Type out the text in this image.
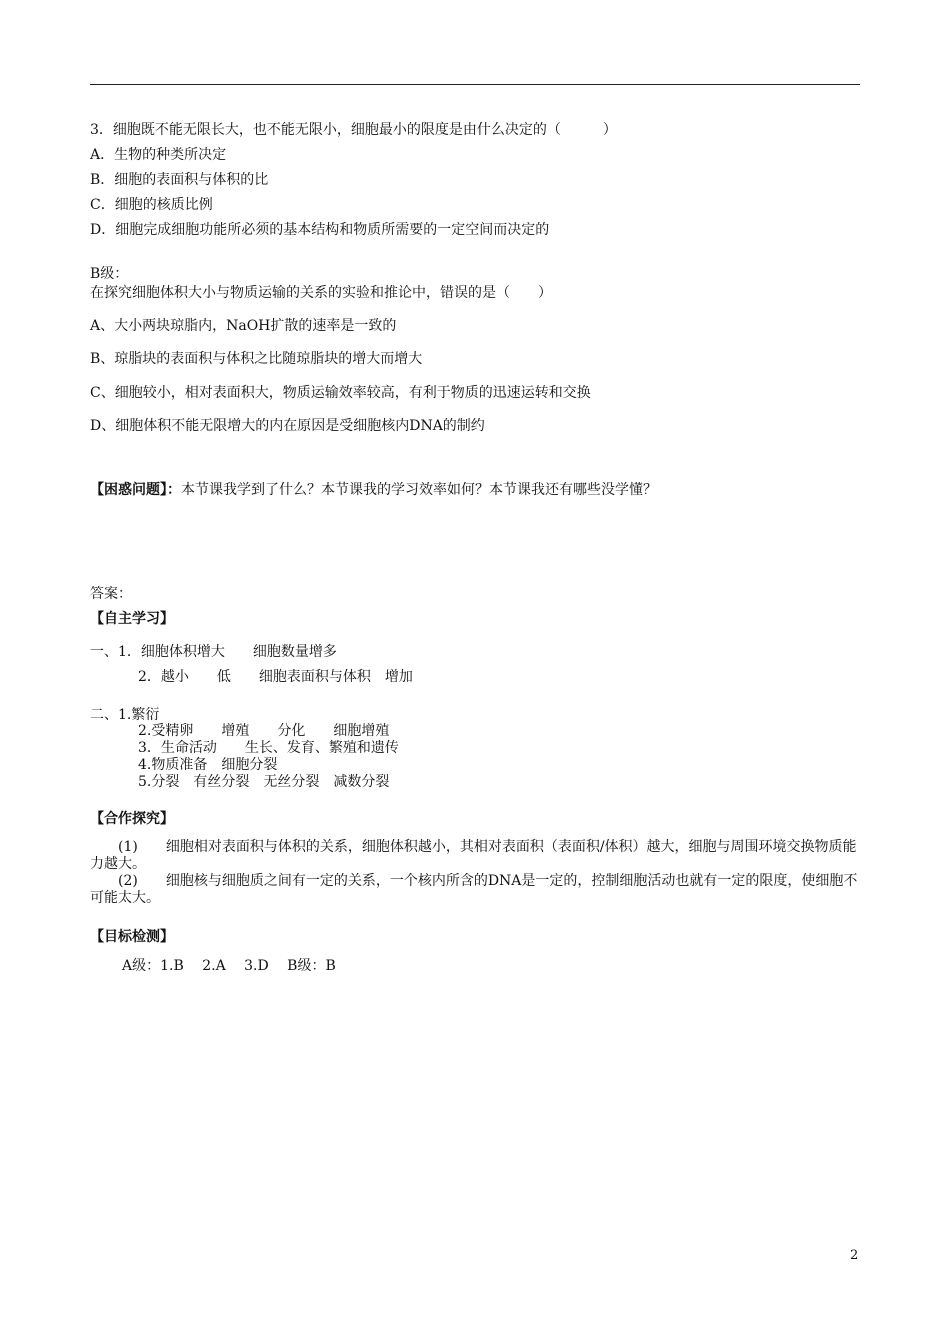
3．细胞既不能无限长大，也不能无限小，细胞最小的限度是由什么决定的（　　　）
A．生物的种类所决定
B．细胞的表面积与体积的比
C．细胞的核质比例
D．细胞完成细胞功能所必须的基本结构和物质所需要的一定空间而决定的
B级：
在探究细胞体积大小与物质运输的关系的实验和推论中，错误的是（　　）
A、大小两块琼脂内，NaOH扩散的速率是一致的
B、琼脂块的表面积与体积之比随琼脂块的增大而增大
C、细胞较小，相对表面积大，物质运输效率较高，有利于物质的迅速运转和交换
D、细胞体积不能无限增大的内在原因是受细胞核内DNA的制约
【困惑问题】：本节课我学到了什么？本节课我的学习效率如何？本节课我还有哪些没学懂？
答案：
【自主学习】
一、1．细胞体积增大　　细胞数量增多
2．越小　　低　　细胞表面积与体积　增加
二、1.繁衍
2.受精卵　　增殖　　分化　　细胞增殖
3．生命活动　　生长、发育、繁殖和遗传
4.物质准备　细胞分裂
5.分裂　有丝分裂　无丝分裂　减数分裂
【合作探究】
　　(1)　　细胞相对表面积与体积的关系，细胞体积越小，其相对表面积（表面积/体积）越大，细胞与周围环境交换物质能力越大。
　　(2)　　细胞核与细胞质之间有一定的关系，一个核内所含的DNA是一定的，控制细胞活动也就有一定的限度，使细胞不可能太大。
【目标检测】
A级：1.B　 2.A　 3.D　 B级：B
2
